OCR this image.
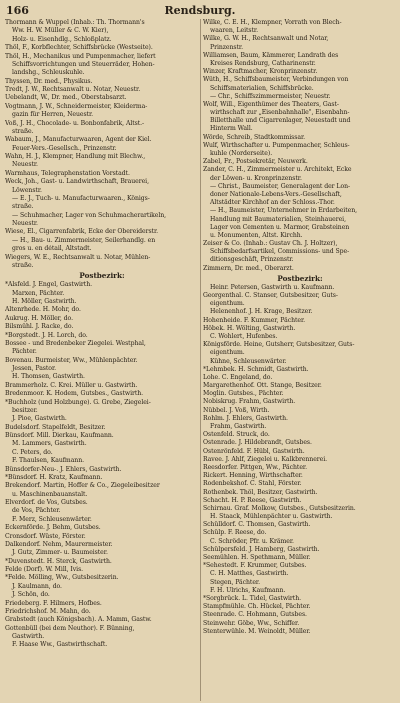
166	Rendsburg.
Thormann & Wuppel (Inhab.: Th. Thormann's
Ww. H. W. Müller & C. W. Kier),
Holz- u. Eisenhdlg., Schloßplatz.
Thöl, F., Korbflechter, Schiffsbrücke (Westseite).
Thöl, H., Mechanikus und Pumpenmacher, liefert
Schiffsvorrichtungen und Steuerräder, Hohen-
landshg., Schleuskuhle.
Thyssen, Dr. med., Physikus.
Tredt, J. W., Rechtsanwalt u. Notar, Neuestr.
Uebelandt, W., Dr. med., Oberstabsarzt.
Vogtmann, J. W., Schneidermeister, Kleiderma-
gazin für Herren, Neuestr.
Voß, J. H., Chocolade- u. Bonbonfabrik, Altst.-
straße.
Wabaum, J., Manufacturwaaren, Agent der Kiel.
Feuer-Vers.-Gesellsch., Prinzenstr.
Wahn, H. J., Klempner, Handlung mit Blechw.,
Neuestr.
Warmhaus, Telegraphenstation Vorstadt.
Weck, Joh., Gast- u. Landwirthschaft, Brauerei,
Löwenstr.
— E. J., Tuch- u. Manufacturwaaren., Königs-
straße.
— Schuhmacher, Lager von Schuhmacherartikeln,
Neuestr.
Wiese, El., Cigarrenfabrik, Ecke der Obereiderstr.
— H., Bau- u. Zimmermeister, Seilerhandlg. en
gros u. en détail, Altstadt.
Wiegers, W. E., Rechtsanwalt u. Notar, Mühlen-
straße.
Postbezirk:
*Alsfeld. J. Engel, Gastwirth.
Marxen, Pächter.
H. Möller, Gastwirth.
Altenrhede. H. Mohr, do.
Aukrug. H. Möller, do.
Bilsmühl. J. Racke, do.
*Borgstedt. J. H. Lorch, do.
Bossee - und Bredenbeker Ziegelei. Westphal,
Pächter.
Bovenau. Burmeister, Ww., Mühlenpächter.
Jessen, Pastor.
H. Thomsen, Gastwirth.
Brammerholz. C. Krei. Müller u. Gastwirth.
Bredenmoor. K. Hodem, Gutsbes., Gastwirth.
*Buchholz (und Holzbunge). G. Grebe, Ziegelei-
besitzer.
J. Pioe, Gastwirth.
Budelsdorf. Stapelfeldt, Besitzer.
Bünsdorf. Mill. Dierkau, Kaufmann.
M. Lammers, Gastwirth.
C. Peters, do.
F. Thaulsen, Kaufmann.
Bünsdorfer-Neu-. J. Ehlers, Gastwirth.
*Bünsdorf. H. Kratz, Kaufmann.
Brekendorf. Martin, Hoffer & Co., Ziegeleibesitzer
u. Maschinenbauanstalt.
Elverdorf. de Vos, Gutsbes.
de Vos, Pächter.
F. Merz, Schleusenwärter.
Eckernförde. J. Behm, Gutsbes.
Cronsdorf. Wüste, Förster.
Dalkendorf. Nehm, Maurermeister.
J. Gutz, Zimmer- u. Baumeister.
*Duvenstedt. H. Sterck, Gastwirth.
Felde (Dorf). W. Mill, Ivis.
*Felde. Mölling, Ww., Gutsbesitzerin.
J. Kaulmann, do.
J. Schön, do.
Friedeberg. F. Hilmers, Hofbes.
Friedrichshof. M. Mahn, do.
Grabstedt (auch Königsbach). A. Mamm, Gastw.
Gottenbüll (bei dem Neuthor). F. Bünning,
Gastwirth.
F. Haase Ww., Gastwirthschaft.
Wilke, C. E. H., Klempner, Vorrath von Blech-
waaren, Leitstr.
Wilke, G. W. H., Rechtsanwalt und Notar,
Prinzenstr.
Williamsen, Baum, Kämmerer, Landrath des
Kreises Rendsburg, Catharinenstr.
Winzer, Kraftmacher, Kronprinzenstr.
Wüth, H., Schiffsbaumeister, Verbindungen von
Schiffsmaterialien, Schiffsbrücke.
— Chr., Schiffszimmermeister, Neuestr.
Wolf, Will., Eigenthümer des Theaters, Gast-
wirthschaft zur „Eisenbahnhalle", Eisenbahn-
Billetthalle und Cigarrenlager, Neuestadt und
Hinterm Wall.
Wörde, Schreib, Stadtkommissar.
Wulf, Wirthschafter u. Pumpenmacher, Schleus-
kuhle (Norderseite).
Zabel, Fr., Postsekretär, Neuwerk.
Zander, C. H., Zimmermeister u. Architekt, Ecke
der Löwen- u. Kronprinzenstr.
— Christ., Baumeister, Generalagent der Lon-
doner Nationale-Lebens-Vers.-Gesellschaft,
Altstädter Kirchhof an der Schloss.-Thor.
— H., Baumeister, Unternehmer in Erdarbeiten,
Handlung mit Baumaterialien, Steinhauerei,
Lager von Cementen u. Marmor, Grabsteinen
u. Monumenten, Altst. Kirchh.
Zeiser & Co. (Inhab.: Gustav Ch. J. Holtzer),
Schiffsbedarfsartikel, Commissions- und Spe-
ditionsgeschäft, Prinzenstr.
Zimmern, Dr. med., Oberarzt.
Postbezirk:
Heinr. Petersen, Gastwirth u. Kaufmann.
Georgenthal. C. Stanser, Gutsbesitzer, Guts-
eigenthum.
Helenenhof. J. H. Krage, Besitzer.
Hohenheide. F. Kummer, Pächter.
Höbek. H. Wölting, Gastwirth.
C. Wohlert, Hufenbes.
Königsförde. Heine, Gutsherr, Gutsbesitzer, Guts-
eigenthum.
Kühne, Schleusenwärter.
*Lehmbek. H. Schmidt, Gastwirth.
Lohe. C. Engeland, do.
Margarethenhof. Ott. Stange, Besitzer.
Moglin. Gutsbes., Pächter.
Nobiskrug. Frahm, Gastwirth.
Nübbel. J. Voß, Wirth.
Rohlm. J. Ehlers, Gastwirth.
Frahm, Gastwirth.
Ostenfeld. Struck, do.
Ostenrade. J. Hildebrandt, Gutsbes.
Ostenrönfeld. F. Hübl, Gastwirth.
Ravee. J. Ahlf, Ziegelei u. Kalkbrennerei.
Reesdorfer. Pittgen, Ww., Pächter.
Rickert. Henning, Wirthschafter.
Rodenbekshof. C. Stahl, Förster.
Rothenbek. Thöl, Besitzer, Gastwirth.
Schacht. H. P. Reese, Gastwirth.
Schirnau. Graf. Molkow, Gutsbes., Gutsbesitzerin.
H. Staack, Mühlenpächter u. Gastwirth.
Schülldorf. C. Thomsen, Gastwirth.
Schülp. F. Reese, do.
C. Schröder, Pfr. u. Krämer.
Schülpersfeld. J. Hamberg, Gastwirth.
Seemühlen. H. Spethmann, Müller.
*Sehestedt. F. Krummer, Gutsbes.
C. H. Matthes, Gastwirth.
Stegen, Pächter.
F. H. Ulrichs, Kaufmann.
*Sorgbrück. L. Tidel, Gastwirth.
Stampfmühle. Ch. Hückel, Pächter.
Steenrade. C. Hohmann, Gutsbes.
Steinwehr. Göbe, Ww., Schiffer.
Stenterwühle. M. Weinoldt, Müller.
